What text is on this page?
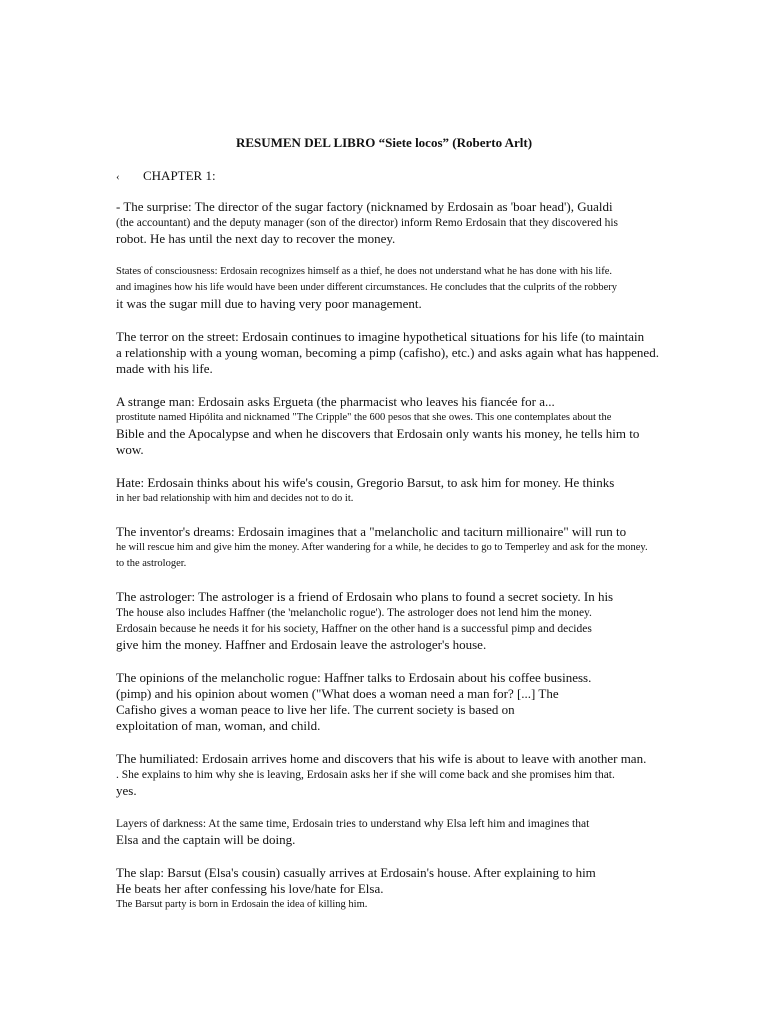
RESUMEN DEL LIBRO “Siete locos” (Roberto Arlt)
‹ CHAPTER 1:
- The surprise: The director of the sugar factory (nicknamed by Erdosain as 'boar head'), Gualdi
(the accountant) and the deputy manager (son of the director) inform Remo Erdosain that they discovered his
robot. He has until the next day to recover the money.
States of consciousness: Erdosain recognizes himself as a thief, he does not understand what he has done with his life.
and imagines how his life would have been under different circumstances. He concludes that the culprits of the robbery
it was the sugar mill due to having very poor management.
The terror on the street: Erdosain continues to imagine hypothetical situations for his life (to maintain
a relationship with a young woman, becoming a pimp (cafisho), etc.) and asks again what has happened.
made with his life.
A strange man: Erdosain asks Ergueta (the pharmacist who leaves his fiancée for a...
prostitute named Hipólita and nicknamed "The Cripple" the 600 pesos that she owes. This one contemplates about the
Bible and the Apocalypse and when he discovers that Erdosain only wants his money, he tells him to
wow.
Hate: Erdosain thinks about his wife's cousin, Gregorio Barsut, to ask him for money. He thinks
in her bad relationship with him and decides not to do it.
The inventor's dreams: Erdosain imagines that a "melancholic and taciturn millionaire" will run to
he will rescue him and give him the money. After wandering for a while, he decides to go to Temperley and ask for the money.
to the astrologer.
The astrologer: The astrologer is a friend of Erdosain who plans to found a secret society. In his
The house also includes Haffner (the 'melancholic rogue'). The astrologer does not lend him the money.
Erdosain because he needs it for his society, Haffner on the other hand is a successful pimp and decides
give him the money. Haffner and Erdosain leave the astrologer's house.
The opinions of the melancholic rogue: Haffner talks to Erdosain about his coffee business.
(pimp) and his opinion about women ("What does a woman need a man for? [...] The
Cafisho gives a woman peace to live her life. The current society is based on
exploitation of man, woman, and child.
The humiliated: Erdosain arrives home and discovers that his wife is about to leave with another man.
. She explains to him why she is leaving, Erdosain asks her if she will come back and she promises him that.
yes.
Layers of darkness: At the same time, Erdosain tries to understand why Elsa left him and imagines that
Elsa and the captain will be doing.
The slap: Barsut (Elsa's cousin) casually arrives at Erdosain's house. After explaining to him
He beats her after confessing his love/hate for Elsa.
The Barsut party is born in Erdosain the idea of killing him.
